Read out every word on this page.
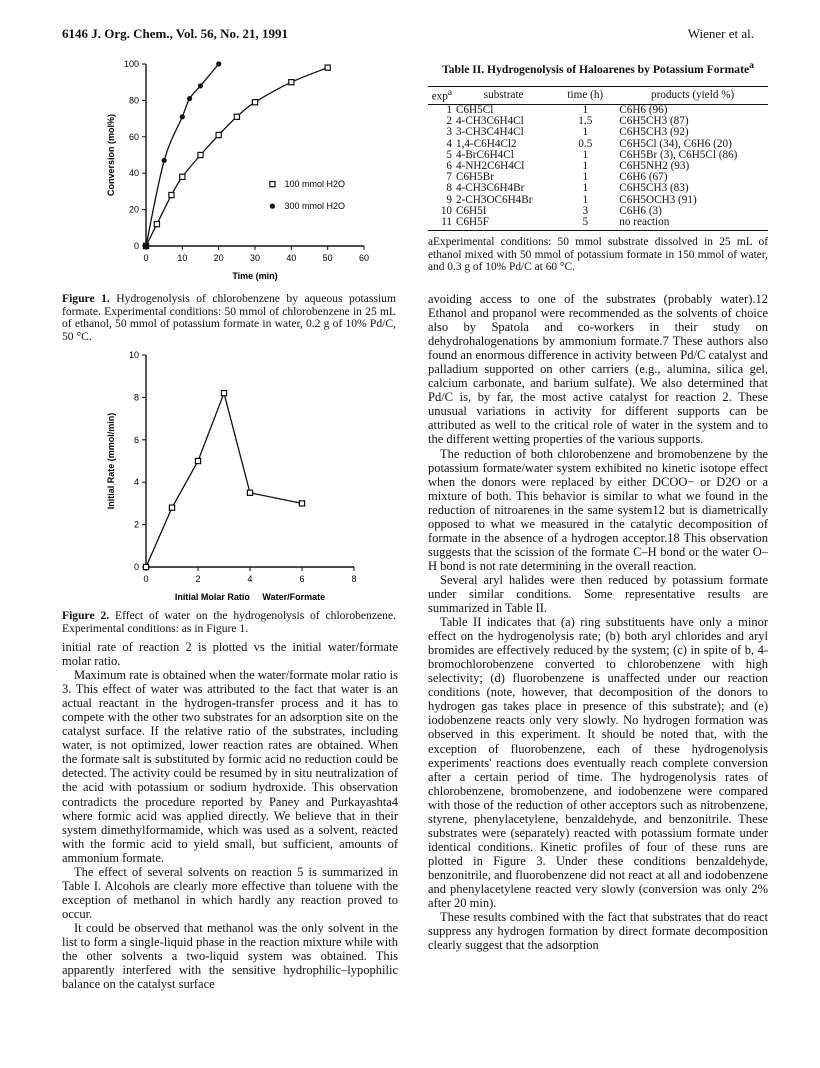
6146 J. Org. Chem., Vol. 56, No. 21, 1991	Wiener et al.
0	10	20	30	40	50	60
0
20
40
60
80
100
Time (min)
Conversion (mol%)	100 mmol H2O
300 mmol H2O
Figure 1. Hydrogenolysis of chlorobenzene by aqueous potassium formate. Experimental conditions: 50 mmol of chlorobenzene in 25 mL of ethanol, 50 mmol of potassium formate in water, 0.2 g of 10% Pd/C, 50 °C.
0	2	4	6	8
0
2
4
6
8
10
Initial Molar Ratio     Water/Formate
Initial Rate (mmol/min)
Figure 2. Effect of water on the hydrogenolysis of chlorobenzene. Experimental conditions: as in Figure 1.

initial rate of reaction 2 is plotted vs the initial water/formate molar ratio.

Maximum rate is obtained when the water/formate molar ratio is 3. This effect of water was attributed to the fact that water is an actual reactant in the hydrogen-transfer process and it has to compete with the other two substrates for an adsorption site on the catalyst surface. If the relative ratio of the substrates, including water, is not optimized, lower reaction rates are obtained. When the formate salt is substituted by formic acid no reduction could be detected. The activity could be resumed by in situ neutralization of the acid with potassium or sodium hydroxide. This observation contradicts the procedure reported by Paney and Purkayashta4 where formic acid was applied directly. We believe that in their system dimethylformamide, which was used as a solvent, reacted with the formic acid to yield small, but sufficient, amounts of ammonium formate.

The effect of several solvents on reaction 5 is summarized in Table I. Alcohols are clearly more effective than toluene with the exception of methanol in which hardly any reaction proved to occur.

It could be observed that methanol was the only solvent in the list to form a single-liquid phase in the reaction mixture while with the other solvents a two-liquid system was obtained. This apparently interfered with the sensitive hydrophilic–lypophilic balance on the catalyst surface

Table II. Hydrogenolysis of Haloarenes by Potassium Formate$^a$
$\exp^a$	substrate	time (h)	products (yield %)
1	C6H5Cl	1	C6H6 (96)
2	4-CH3C6H4Cl	1.5	C6H5CH3 (87)
3	3-CH3C4H4Cl	1	C6H5CH3 (92)
4	1,4-C6H4Cl2	0.5	C6H5Cl (34), C6H6 (20)
5	4-BrC6H4Cl	1	C6H5Br (3), C6H5Cl (86)
6	4-NH2C6H4Cl	1	C6H5NH2 (93)
7	C6H5Br	1	C6H6 (67)
8	4-CH3C6H4Br	1	C6H5CH3 (83)
9	2-CH3OC6H4Br	1	C6H5OCH3 (91)
10	C6H5I	3	C6H6 (3)
11	C6H5F	5	no reaction
aExperimental conditions: 50 mmol substrate dissolved in 25 mL of ethanol mixed with 50 mmol of potassium formate in 150 mmol of water, and 0.3 g of 10% Pd/C at 60 °C.

avoiding access to one of the substrates (probably water).12 Ethanol and propanol were recommended as the solvents of choice also by Spatola and co-workers in their study on dehydrohalogenations by ammonium formate.7 These authors also found an enormous difference in activity between Pd/C catalyst and palladium supported on other carriers (e.g., alumina, silica gel, calcium carbonate, and barium sulfate). We also determined that Pd/C is, by far, the most active catalyst for reaction 2. These unusual variations in activity for different supports can be attributed as well to the critical role of water in the system and to the different wetting properties of the various supports.

The reduction of both chlorobenzene and bromobenzene by the potassium formate/water system exhibited no kinetic isotope effect when the donors were replaced by either DCOO− or D2O or a mixture of both. This behavior is similar to what we found in the reduction of nitroarenes in the same system12 but is diametrically opposed to what we measured in the catalytic decomposition of formate in the absence of a hydrogen acceptor.18 This observation suggests that the scission of the formate C–H bond or the water O–H bond is not rate determining in the overall reaction.

Several aryl halides were then reduced by potassium formate under similar conditions. Some representative results are summarized in Table II.

Table II indicates that (a) ring substituents have only a minor effect on the hydrogenolysis rate; (b) both aryl chlorides and aryl bromides are effectively reduced by the system; (c) in spite of b, 4-bromochlorobenzene converted to chlorobenzene with high selectivity; (d) fluorobenzene is unaffected under our reaction conditions (note, however, that decomposition of the donors to hydrogen gas takes place in presence of this substrate); and (e) iodobenzene reacts only very slowly. No hydrogen formation was observed in this experiment. It should be noted that, with the exception of fluorobenzene, each of these hydrogenolysis experiments' reactions does eventually reach complete conversion after a certain period of time. The hydrogenolysis rates of chlorobenzene, bromobenzene, and iodobenzene were compared with those of the reduction of other acceptors such as nitrobenzene, styrene, phenylacetylene, benzaldehyde, and benzonitrile. These substrates were (separately) reacted with potassium formate under identical conditions. Kinetic profiles of four of these runs are plotted in Figure 3. Under these conditions benzaldehyde, benzonitrile, and fluorobenzene did not react at all and iodobenzene and phenylacetylene reacted very slowly (conversion was only 2% after 20 min).

These results combined with the fact that substrates that do react suppress any hydrogen formation by direct formate decomposition clearly suggest that the adsorption
